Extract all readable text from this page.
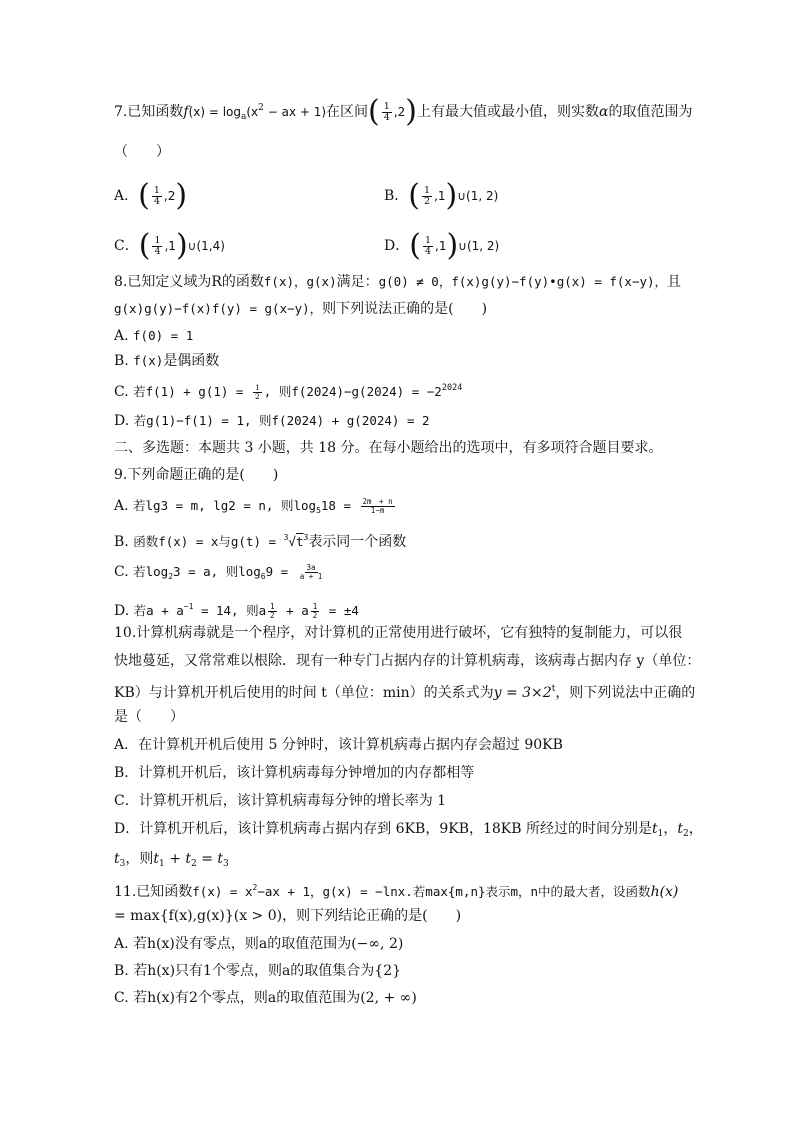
7.已知函数$f(x) = \log_a(x^2$ − ax + 1)在区间( $\frac{1}{4} ,2$)上有最大值或最小值，则实数α的取值范围为
（　　）
A．( $\frac{1}{4} ,2$)	B．( $\frac{1}{2}$ ,1)∪(1, 2)
C．( $\frac{1}{4}$ ,1)∪(1,4)	D．( $\frac{1}{4}$ ,1)∪(1, 2)
8.已知定义域为R的函数f(x)，g(x)满足：g(0) ≠ 0，f(x)g(y)−f(y)•g(x) = f(x−y)，且
g(x)g(y)−f(x)f(y) = g(x−y)，则下列说法正确的是(　　)
A. f(0) = 1
B. f(x)是偶函数
C. 若$f(1) + g(1) = \frac{1}{2}$ , 则$f(2024)-g(2024) = -2^{2024}$
D. 若g(1)−f(1) = 1, 则f(2024) + g(2024) = 2
二、多选题：本题共 3 小题，共 18 分。在每小题给出的选项中，有多项符合题目要求。
9.下列命题正确的是(　　)
A. 若lg3 = m, lg2 = n, 则$\log_518 = \frac{2m + n}{1-m}$
B. 函数f(x) = x与$g(t) = ^3√t^3$表示同一个函数
C. 若$\log_23 = a$, 则$\log_69 = \frac{3a}{a + 1}$
D. 若$a + a^{-1} = 14$, 则a $\frac{1}{2} + a \frac{1}{2} = \pm 4$
10.计算机病毒就是一个程序，对计算机的正常使用进行破坏，它有独特的复制能力，可以很
快地蔓延，又常常难以根除．现有一种专门占据内存的计算机病毒，该病毒占据内存 y（单位：
KB）与计算机开机后使用的时间 t（单位：min）的关系式为$y = 3\times 2^t$，则下列说法中正确的
是（　　）
A．在计算机开机后使用 5 分钟时，该计算机病毒占据内存会超过 90KB
B．计算机开机后，该计算机病毒每分钟增加的内存都相等
C．计算机开机后，该计算机病毒每分钟的增长率为 1
D．计算机开机后，该计算机病毒占据内存到 6KB，9KB，18KB 所经过的时间分别是$t_1$，$t_2$，
$t_3$，则$t_1 + t_2 = t_3$
11.已知函数$f(x) = x^2-ax + 1$，g(x) = −lnx.若max{m,n}表示m，n中的最大者，设函数h(x)
= max{f(x),g(x)}(x > 0)，则下列结论正确的是(　　)
A. 若h(x)没有零点，则a的取值范围为(−∞, 2)
B. 若h(x)只有1个零点，则a的取值集合为{2}
C. 若h(x)有2个零点，则a的取值范围为(2, + ∞)
